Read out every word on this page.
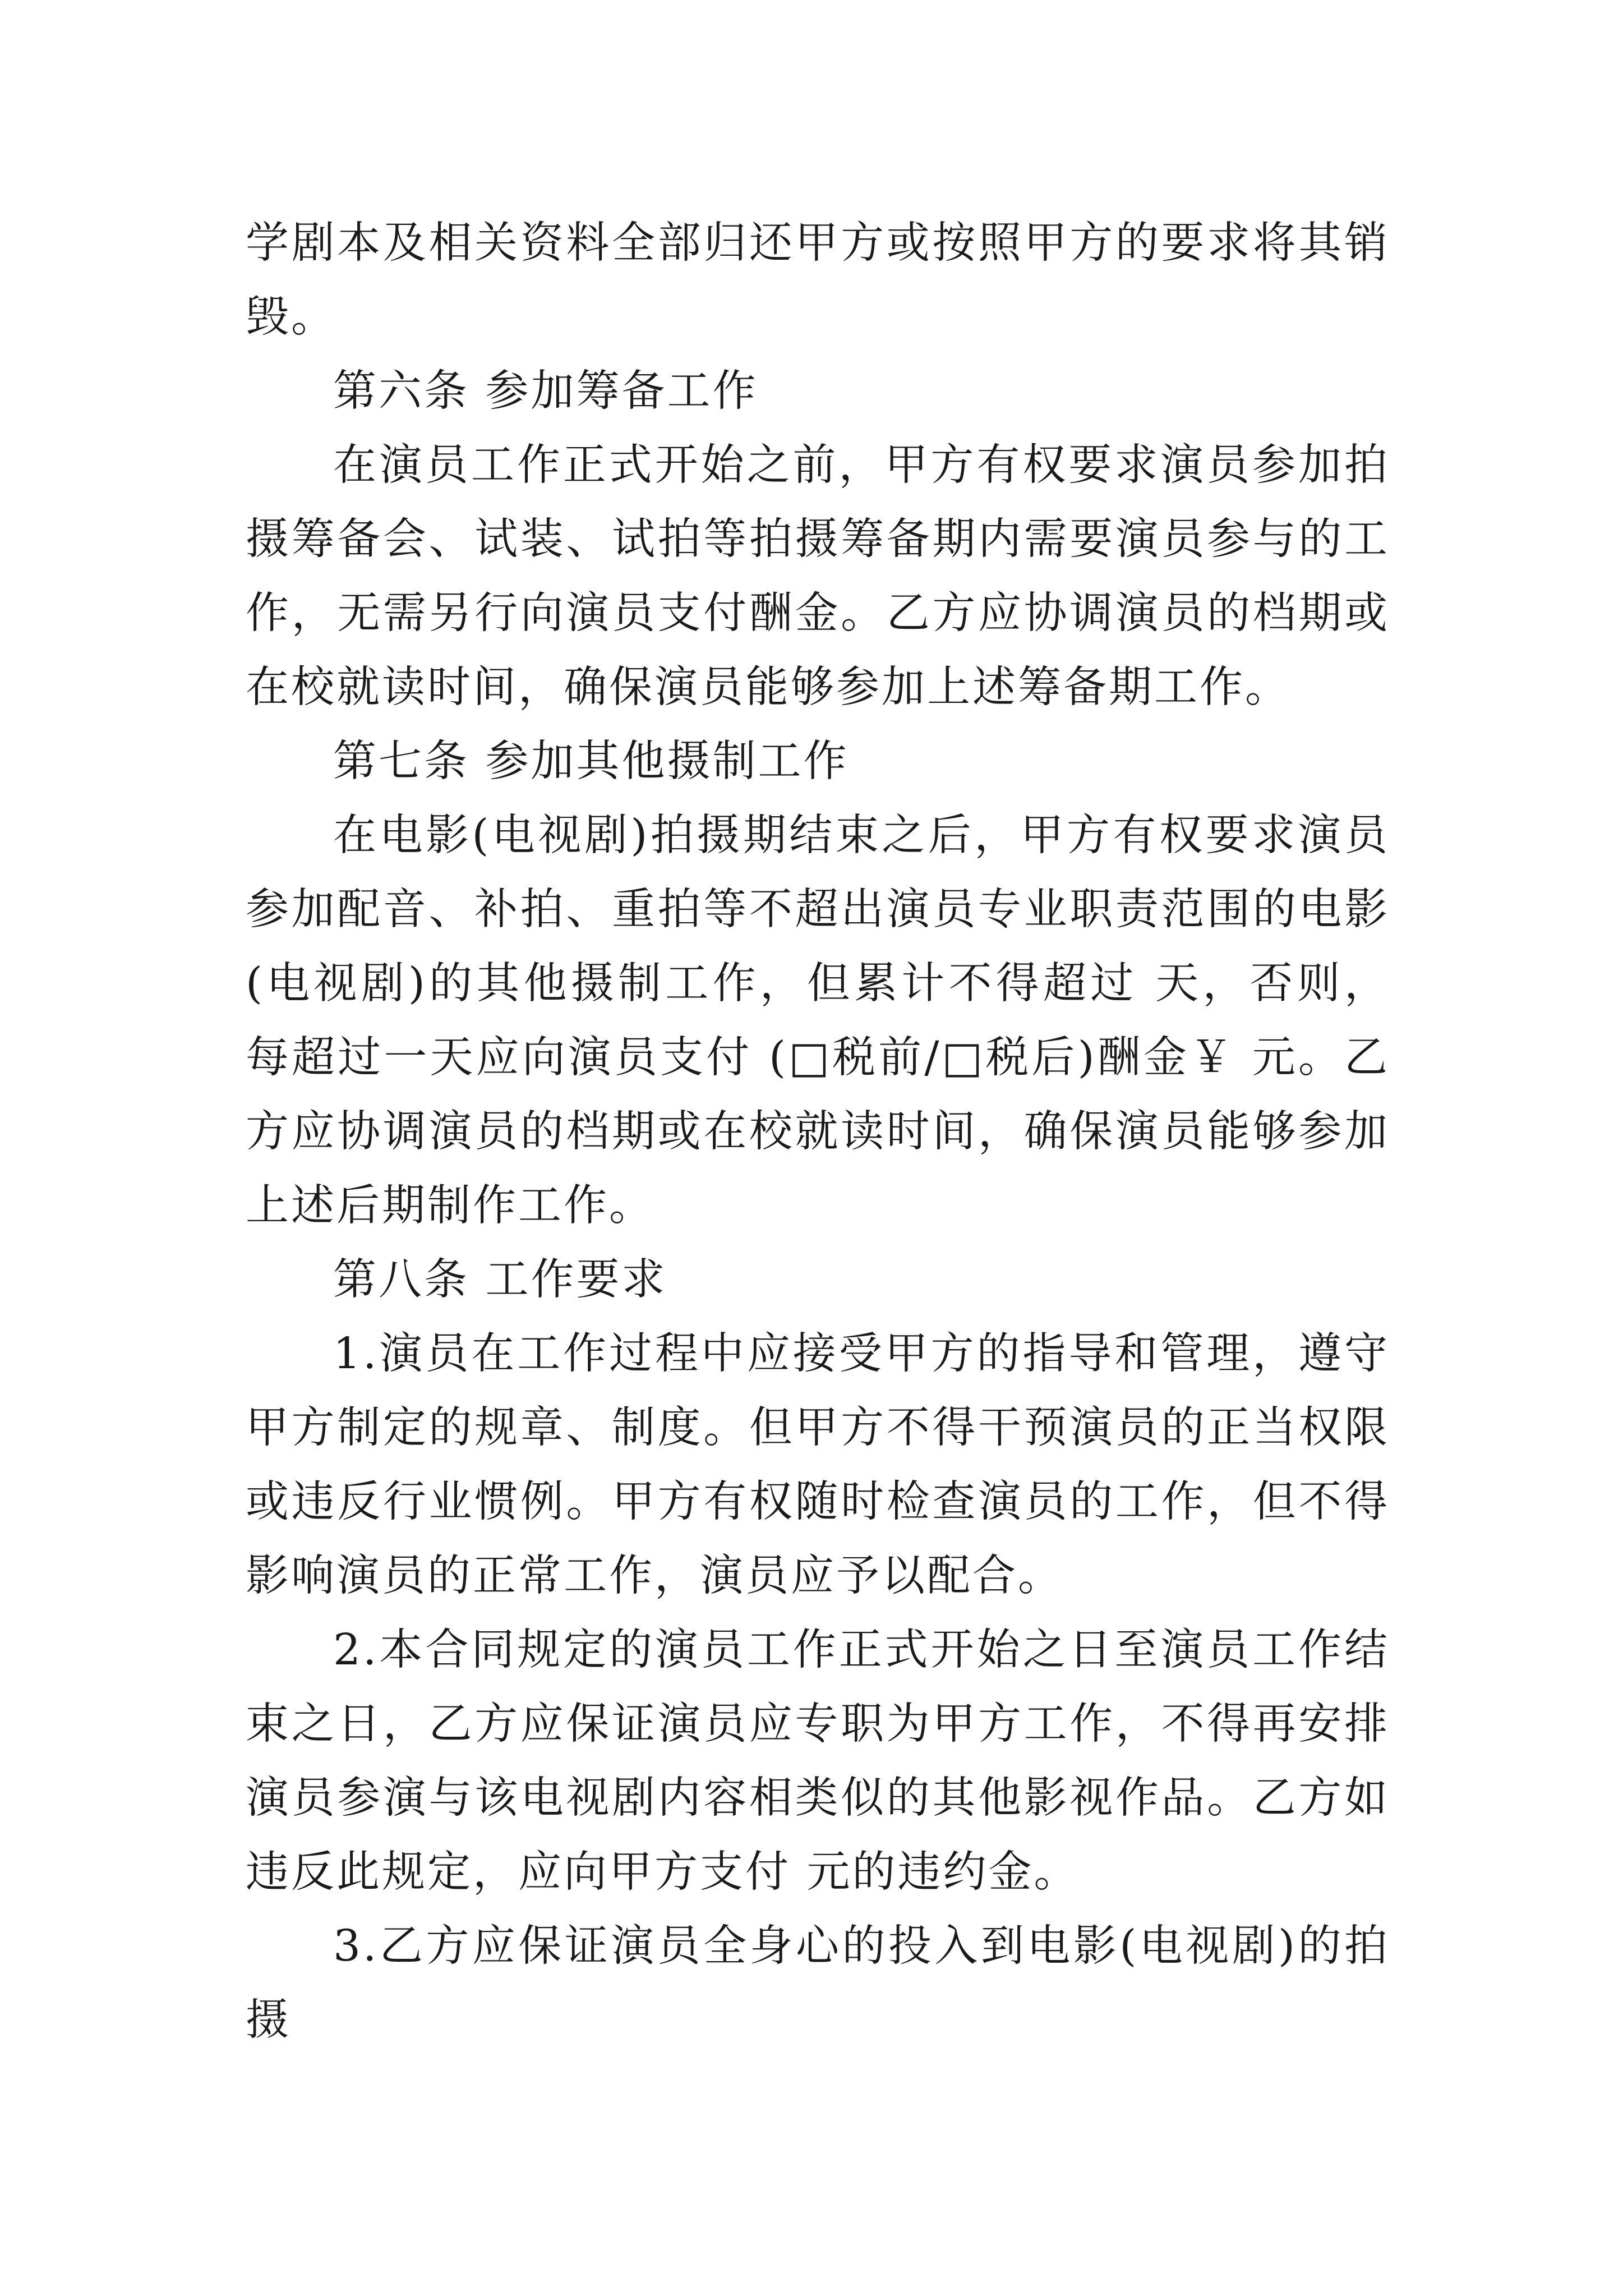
学剧本及相关资料全部归还甲方或按照甲方的要求将其销毁。

第六条 参加筹备工作

在演员工作正式开始之前，甲方有权要求演员参加拍摄筹备会、试装、试拍等拍摄筹备期内需要演员参与的工作，无需另行向演员支付酬金。乙方应协调演员的档期或在校就读时间，确保演员能够参加上述筹备期工作。

第七条 参加其他摄制工作

在电影(电视剧)拍摄期结束之后，甲方有权要求演员参加配音、补拍、重拍等不超出演员专业职责范围的电影(电视剧)的其他摄制工作，但累计不得超过 天，否则，每超过一天应向演员支付 (□税前/□税后)酬金￥ 元。乙方应协调演员的档期或在校就读时间，确保演员能够参加上述后期制作工作。

第八条 工作要求

1.演员在工作过程中应接受甲方的指导和管理，遵守甲方制定的规章、制度。但甲方不得干预演员的正当权限或违反行业惯例。甲方有权随时检查演员的工作，但不得影响演员的正常工作，演员应予以配合。

2.本合同规定的演员工作正式开始之日至演员工作结束之日，乙方应保证演员应专职为甲方工作，不得再安排演员参演与该电视剧内容相类似的其他影视作品。乙方如违反此规定，应向甲方支付 元的违约金。

3.乙方应保证演员全身心的投入到电影(电视剧)的拍摄
